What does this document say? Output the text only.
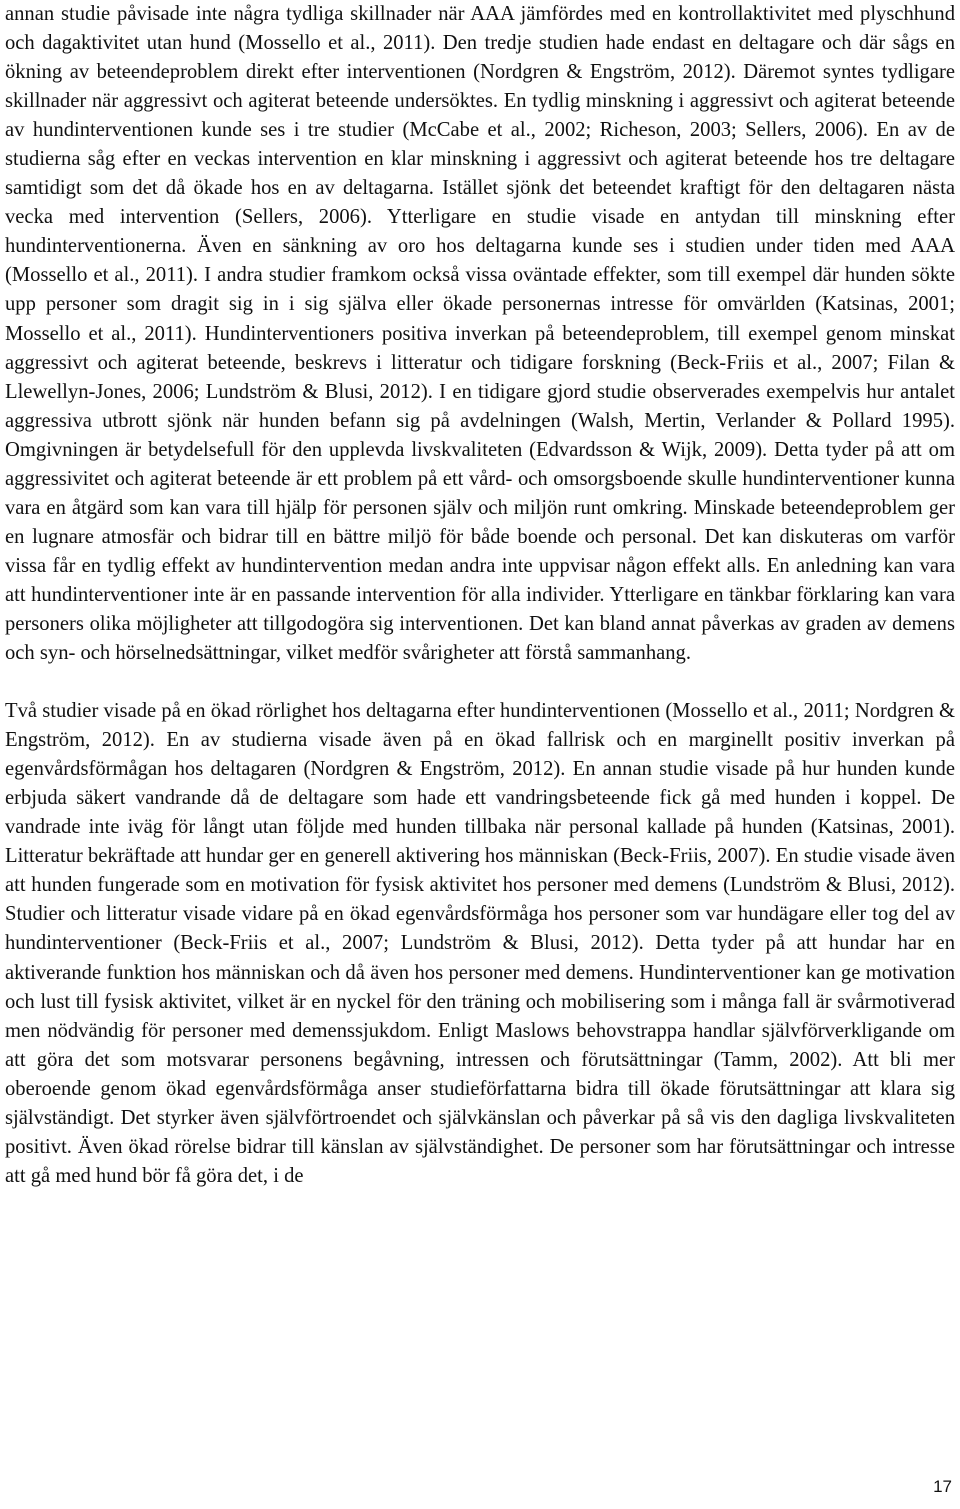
annan studie påvisade inte några tydliga skillnader när AAA jämfördes med en kontrollaktivitet med plyschhund och dagaktivitet utan hund (Mossello et al., 2011). Den tredje studien hade endast en deltagare och där sågs en ökning av beteendeproblem direkt efter interventionen (Nordgren & Engström, 2012). Däremot syntes tydligare skillnader när aggressivt och agiterat beteende undersöktes. En tydlig minskning i aggressivt och agiterat beteende av hundinterventionen kunde ses i tre studier (McCabe et al., 2002; Richeson, 2003; Sellers, 2006). En av de studierna såg efter en veckas intervention en klar minskning i aggressivt och agiterat beteende hos tre deltagare samtidigt som det då ökade hos en av deltagarna. Istället sjönk det beteendet kraftigt för den deltagaren nästa vecka med intervention (Sellers, 2006). Ytterligare en studie visade en antydan till minskning efter hundinterventionerna. Även en sänkning av oro hos deltagarna kunde ses i studien under tiden med AAA (Mossello et al., 2011). I andra studier framkom också vissa oväntade effekter, som till exempel där hunden sökte upp personer som dragit sig in i sig själva eller ökade personernas intresse för omvärlden (Katsinas, 2001; Mossello et al., 2011). Hundinterventioners positiva inverkan på beteendeproblem, till exempel genom minskat aggressivt och agiterat beteende, beskrevs i litteratur och tidigare forskning (Beck-Friis et al., 2007; Filan & Llewellyn-Jones, 2006; Lundström & Blusi, 2012). I en tidigare gjord studie observerades exempelvis hur antalet aggressiva utbrott sjönk när hunden befann sig på avdelningen (Walsh, Mertin, Verlander & Pollard 1995). Omgivningen är betydelsefull för den upplevda livskvaliteten (Edvardsson & Wijk, 2009). Detta tyder på att om aggressivitet och agiterat beteende är ett problem på ett vård- och omsorgsboende skulle hundinterventioner kunna vara en åtgärd som kan vara till hjälp för personen själv och miljön runt omkring. Minskade beteendeproblem ger en lugnare atmosfär och bidrar till en bättre miljö för både boende och personal. Det kan diskuteras om varför vissa får en tydlig effekt av hundintervention medan andra inte uppvisar någon effekt alls. En anledning kan vara att hundinterventioner inte är en passande intervention för alla individer. Ytterligare en tänkbar förklaring kan vara personers olika möjligheter att tillgodogöra sig interventionen. Det kan bland annat påverkas av graden av demens och syn- och hörselnedsättningar, vilket medför svårigheter att förstå sammanhang.

Två studier visade på en ökad rörlighet hos deltagarna efter hundinterventionen (Mossello et al., 2011; Nordgren & Engström, 2012). En av studierna visade även på en ökad fallrisk och en marginellt positiv inverkan på egenvårdsförmågan hos deltagaren (Nordgren & Engström, 2012). En annan studie visade på hur hunden kunde erbjuda säkert vandrande då de deltagare som hade ett vandringsbeteende fick gå med hunden i koppel. De vandrade inte iväg för långt utan följde med hunden tillbaka när personal kallade på hunden (Katsinas, 2001). Litteratur bekräftade att hundar ger en generell aktivering hos människan (Beck-Friis, 2007). En studie visade även att hunden fungerade som en motivation för fysisk aktivitet hos personer med demens (Lundström & Blusi, 2012). Studier och litteratur visade vidare på en ökad egenvårdsförmåga hos personer som var hundägare eller tog del av hundinterventioner (Beck-Friis et al., 2007; Lundström & Blusi, 2012). Detta tyder på att hundar har en aktiverande funktion hos människan och då även hos personer med demens. Hundinterventioner kan ge motivation och lust till fysisk aktivitet, vilket är en nyckel för den träning och mobilisering som i många fall är svårmotiverad men nödvändig för personer med demenssjukdom. Enligt Maslows behovstrappa handlar självförverkligande om att göra det som motsvarar personens begåvning, intressen och förutsättningar (Tamm, 2002). Att bli mer oberoende genom ökad egenvårdsförmåga anser studieförfattarna bidra till ökade förutsättningar att klara sig självständigt. Det styrker även självförtroendet och självkänslan och påverkar på så vis den dagliga livskvaliteten positivt. Även ökad rörelse bidrar till känslan av självständighet. De personer som har förutsättningar och intresse att gå med hund bör få göra det, i de

17
